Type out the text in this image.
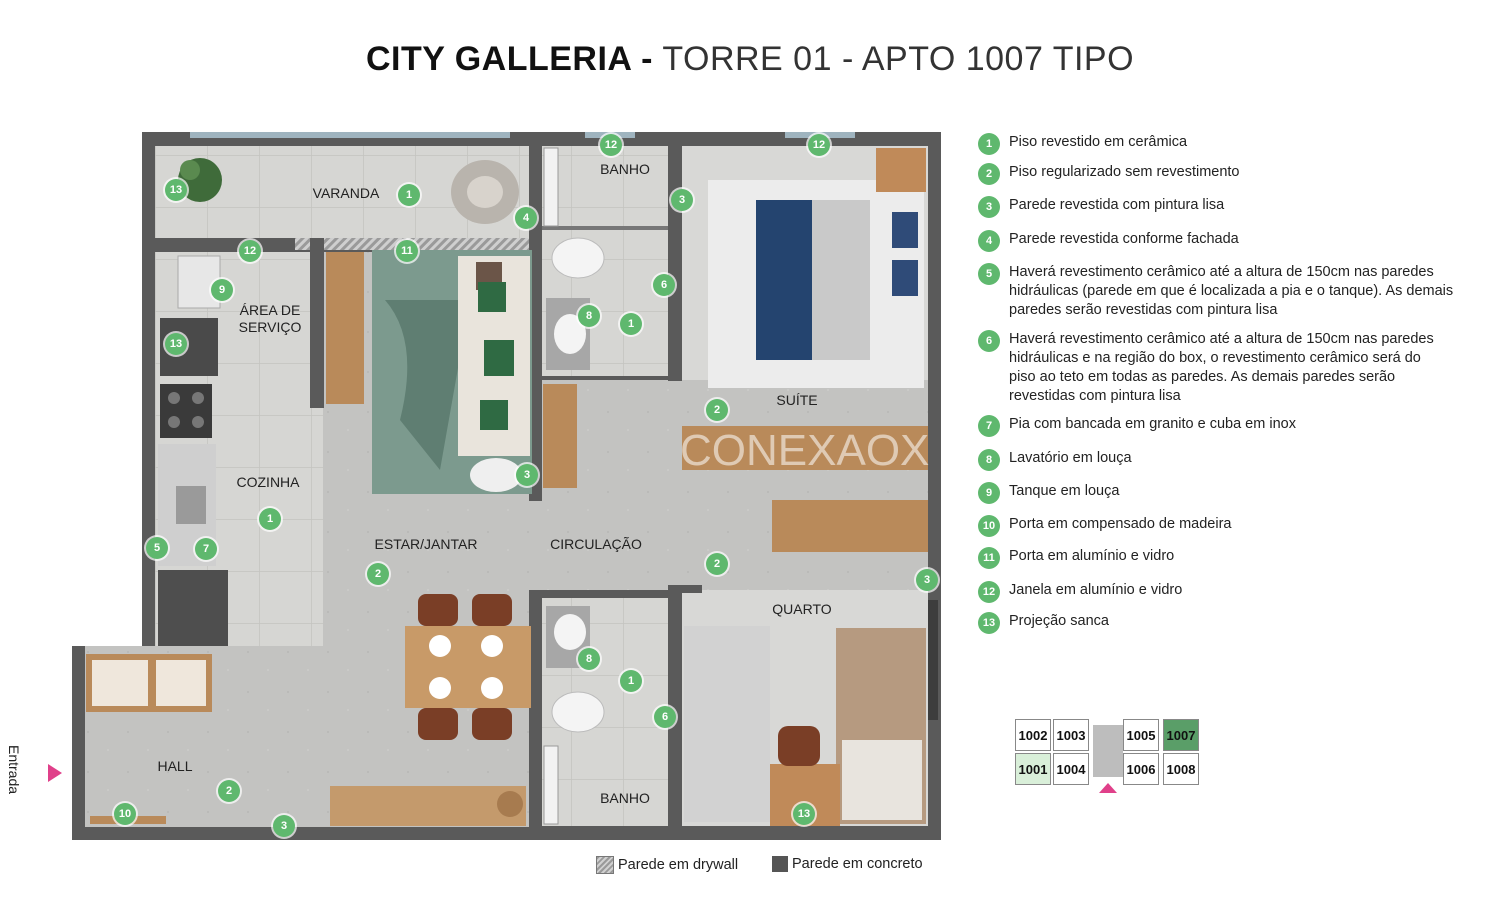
CITY GALLERIA - TORRE 01 - APTO 1007 TIPO
CONEXAOX
VARANDA
BANHO
ÁREA DE SERVIÇO
SUÍTE
COZINHA
ESTAR/JANTAR	CIRCULAÇÃO
QUARTO
HALL
BANHO
13	1
12	12
3
4
12	11
9	6
8
1
13
2
3
1
5	7
2
2	3
8
1
6
2
10	13
3
Entrada
1	Piso revestido em cerâmica
2	Piso regularizado sem revestimento
3	Parede revestida com pintura lisa
4	Parede revestida conforme fachada
5	Haverá revestimento cerâmico até a altura de 150cm nas paredes hidráulicas (parede em que é localizada a pia e o tanque). As demais paredes serão revestidas com pintura lisa
6	Haverá revestimento cerâmico até a altura de 150cm nas paredes hidráulicas e na região do box, o revestimento cerâmico será do piso ao teto em todas as paredes. As demais paredes serão revestidas com pintura lisa
7	Pia com bancada em granito e cuba em inox
8	Lavatório em louça
9	Tanque em louça
10 Porta em compensado de madeira
11 Porta em alumínio e vidro
12 Janela em alumínio e vidro
13 Projeção sanca
1002 1003	1005 1007
1001 1004	1006 1008
Parede em drywall	Parede em concreto
